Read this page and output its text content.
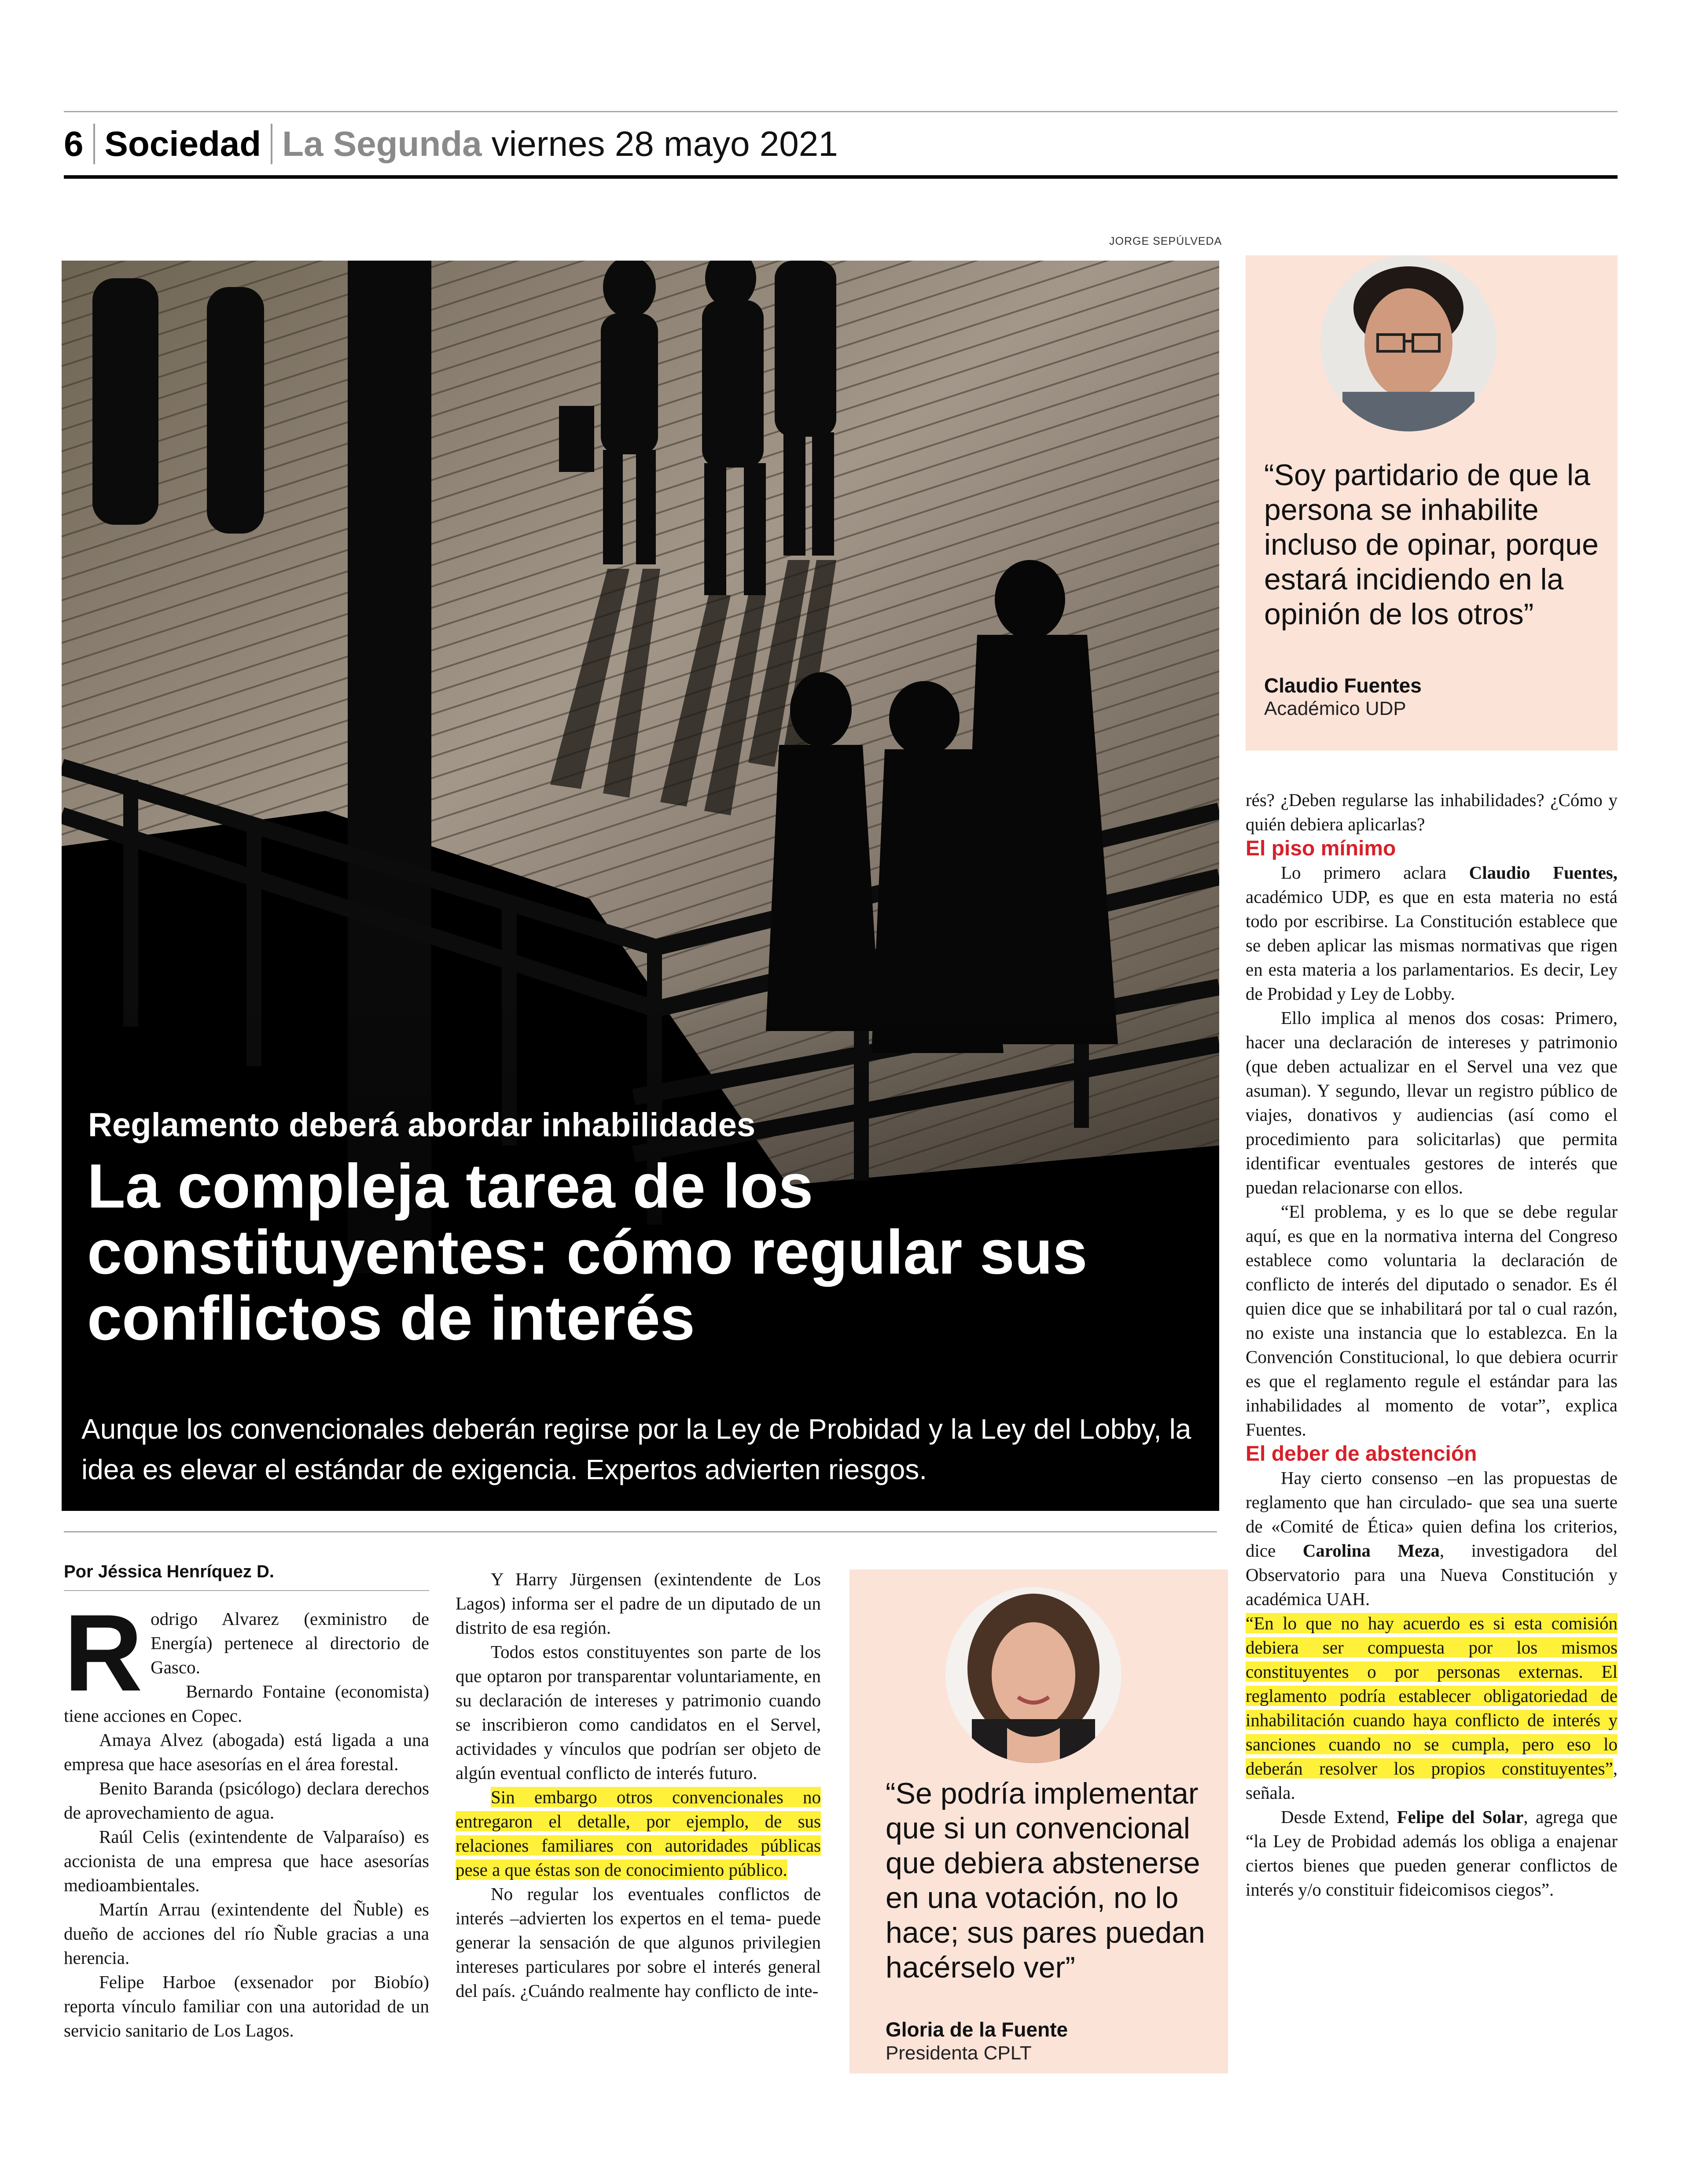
6 Sociedad La Segunda viernes 28 mayo 2021
JORGE SEPÚLVEDA
Reglamento deberá abordar inhabilidades
La compleja tarea de los constituyentes: cómo regular sus conflictos de interés
Aunque los convencionales deberán regirse por la Ley de Probidad y la Ley del Lobby, la idea es elevar el estándar de exigencia. Expertos advierten riesgos.
Por Jéssica Henríquez D.
R odrigo Alvarez (exministro de Energía) pertenece al directorio de Gasco.

Bernardo Fontaine (economista) tiene acciones en Copec.

Amaya Alvez (abogada) está ligada a una empresa que hace asesorías en el área forestal.

Benito Baranda (psicólogo) declara derechos de aprovechamiento de agua.

Raúl Celis (exintendente de Valparaíso) es accionista de una empresa que hace asesorías medioambientales.

Martín Arrau (exintendente del Ñuble) es dueño de acciones del río Ñuble gracias a una herencia.

Felipe Harboe (exsenador por Biobío) reporta vínculo familiar con una autoridad de un servicio sanitario de Los Lagos.

Y Harry Jürgensen (exintendente de Los Lagos) informa ser el padre de un diputado de un distrito de esa región.

Todos estos constituyentes son parte de los que optaron por transparentar voluntariamente, en su declaración de intereses y patrimonio cuando se inscribieron como candidatos en el Servel, actividades y vínculos que podrían ser objeto de algún eventual conflicto de interés futuro.

Sin embargo otros convencionales no entregaron el detalle, por ejemplo, de sus relaciones familiares con autoridades públicas pese a que éstas son de conocimiento público.

No regular los eventuales conflictos de interés –advierten los expertos en el tema- puede generar la sensación de que algunos privilegien intereses particulares por sobre el interés general del país. ¿Cuándo realmente hay conflicto de inte-

“Se podría implementar que si un convencional que debiera abstenerse en una votación, no lo hace; sus pares puedan hacérselo ver”
Gloria de la Fuente
Presidenta CPLT
“Soy partidario de que la persona se inhabilite incluso de opinar, porque estará incidiendo en la opinión de los otros”
Claudio Fuentes
Académico UDP

rés? ¿Deben regularse las inhabilidades? ¿Cómo y quién debiera aplicarlas?

El piso mínimo

Lo primero aclara Claudio Fuentes, académico UDP, es que en esta materia no está todo por escribirse. La Constitución establece que se deben aplicar las mismas normativas que rigen en esta materia a los parlamentarios. Es decir, Ley de Probidad y Ley de Lobby.

Ello implica al menos dos cosas: Primero, hacer una declaración de intereses y patrimonio (que deben actualizar en el Servel una vez que asuman). Y segundo, llevar un registro público de viajes, donativos y audiencias (así como el procedimiento para solicitarlas) que permita identificar eventuales gestores de interés que puedan relacionarse con ellos.

“El problema, y es lo que se debe regular aquí, es que en la normativa interna del Congreso establece como voluntaria la declaración de conflicto de interés del diputado o senador. Es él quien dice que se inhabilitará por tal o cual razón, no existe una instancia que lo establezca. En la Convención Constitucional, lo que debiera ocurrir es que el reglamento regule el estándar para las inhabilidades al momento de votar”, explica Fuentes.

El deber de abstención

Hay cierto consenso –en las propuestas de reglamento que han circulado- que sea una suerte de «Comité de Ética» quien defina los criterios, dice Carolina Meza, investigadora del Observatorio para una Nueva Constitución y académica UAH.

“En lo que no hay acuerdo es si esta comisión debiera ser compuesta por los mismos constituyentes o por personas externas. El reglamento podría establecer obligatoriedad de inhabilitación cuando haya conflicto de interés y sanciones cuando no se cumpla, pero eso lo deberán resolver los propios constituyentes”, señala.

Desde Extend, Felipe del Solar, agrega que “la Ley de Probidad además los obliga a enajenar ciertos bienes que pueden generar conflictos de interés y/o constituir fideicomisos ciegos”.
